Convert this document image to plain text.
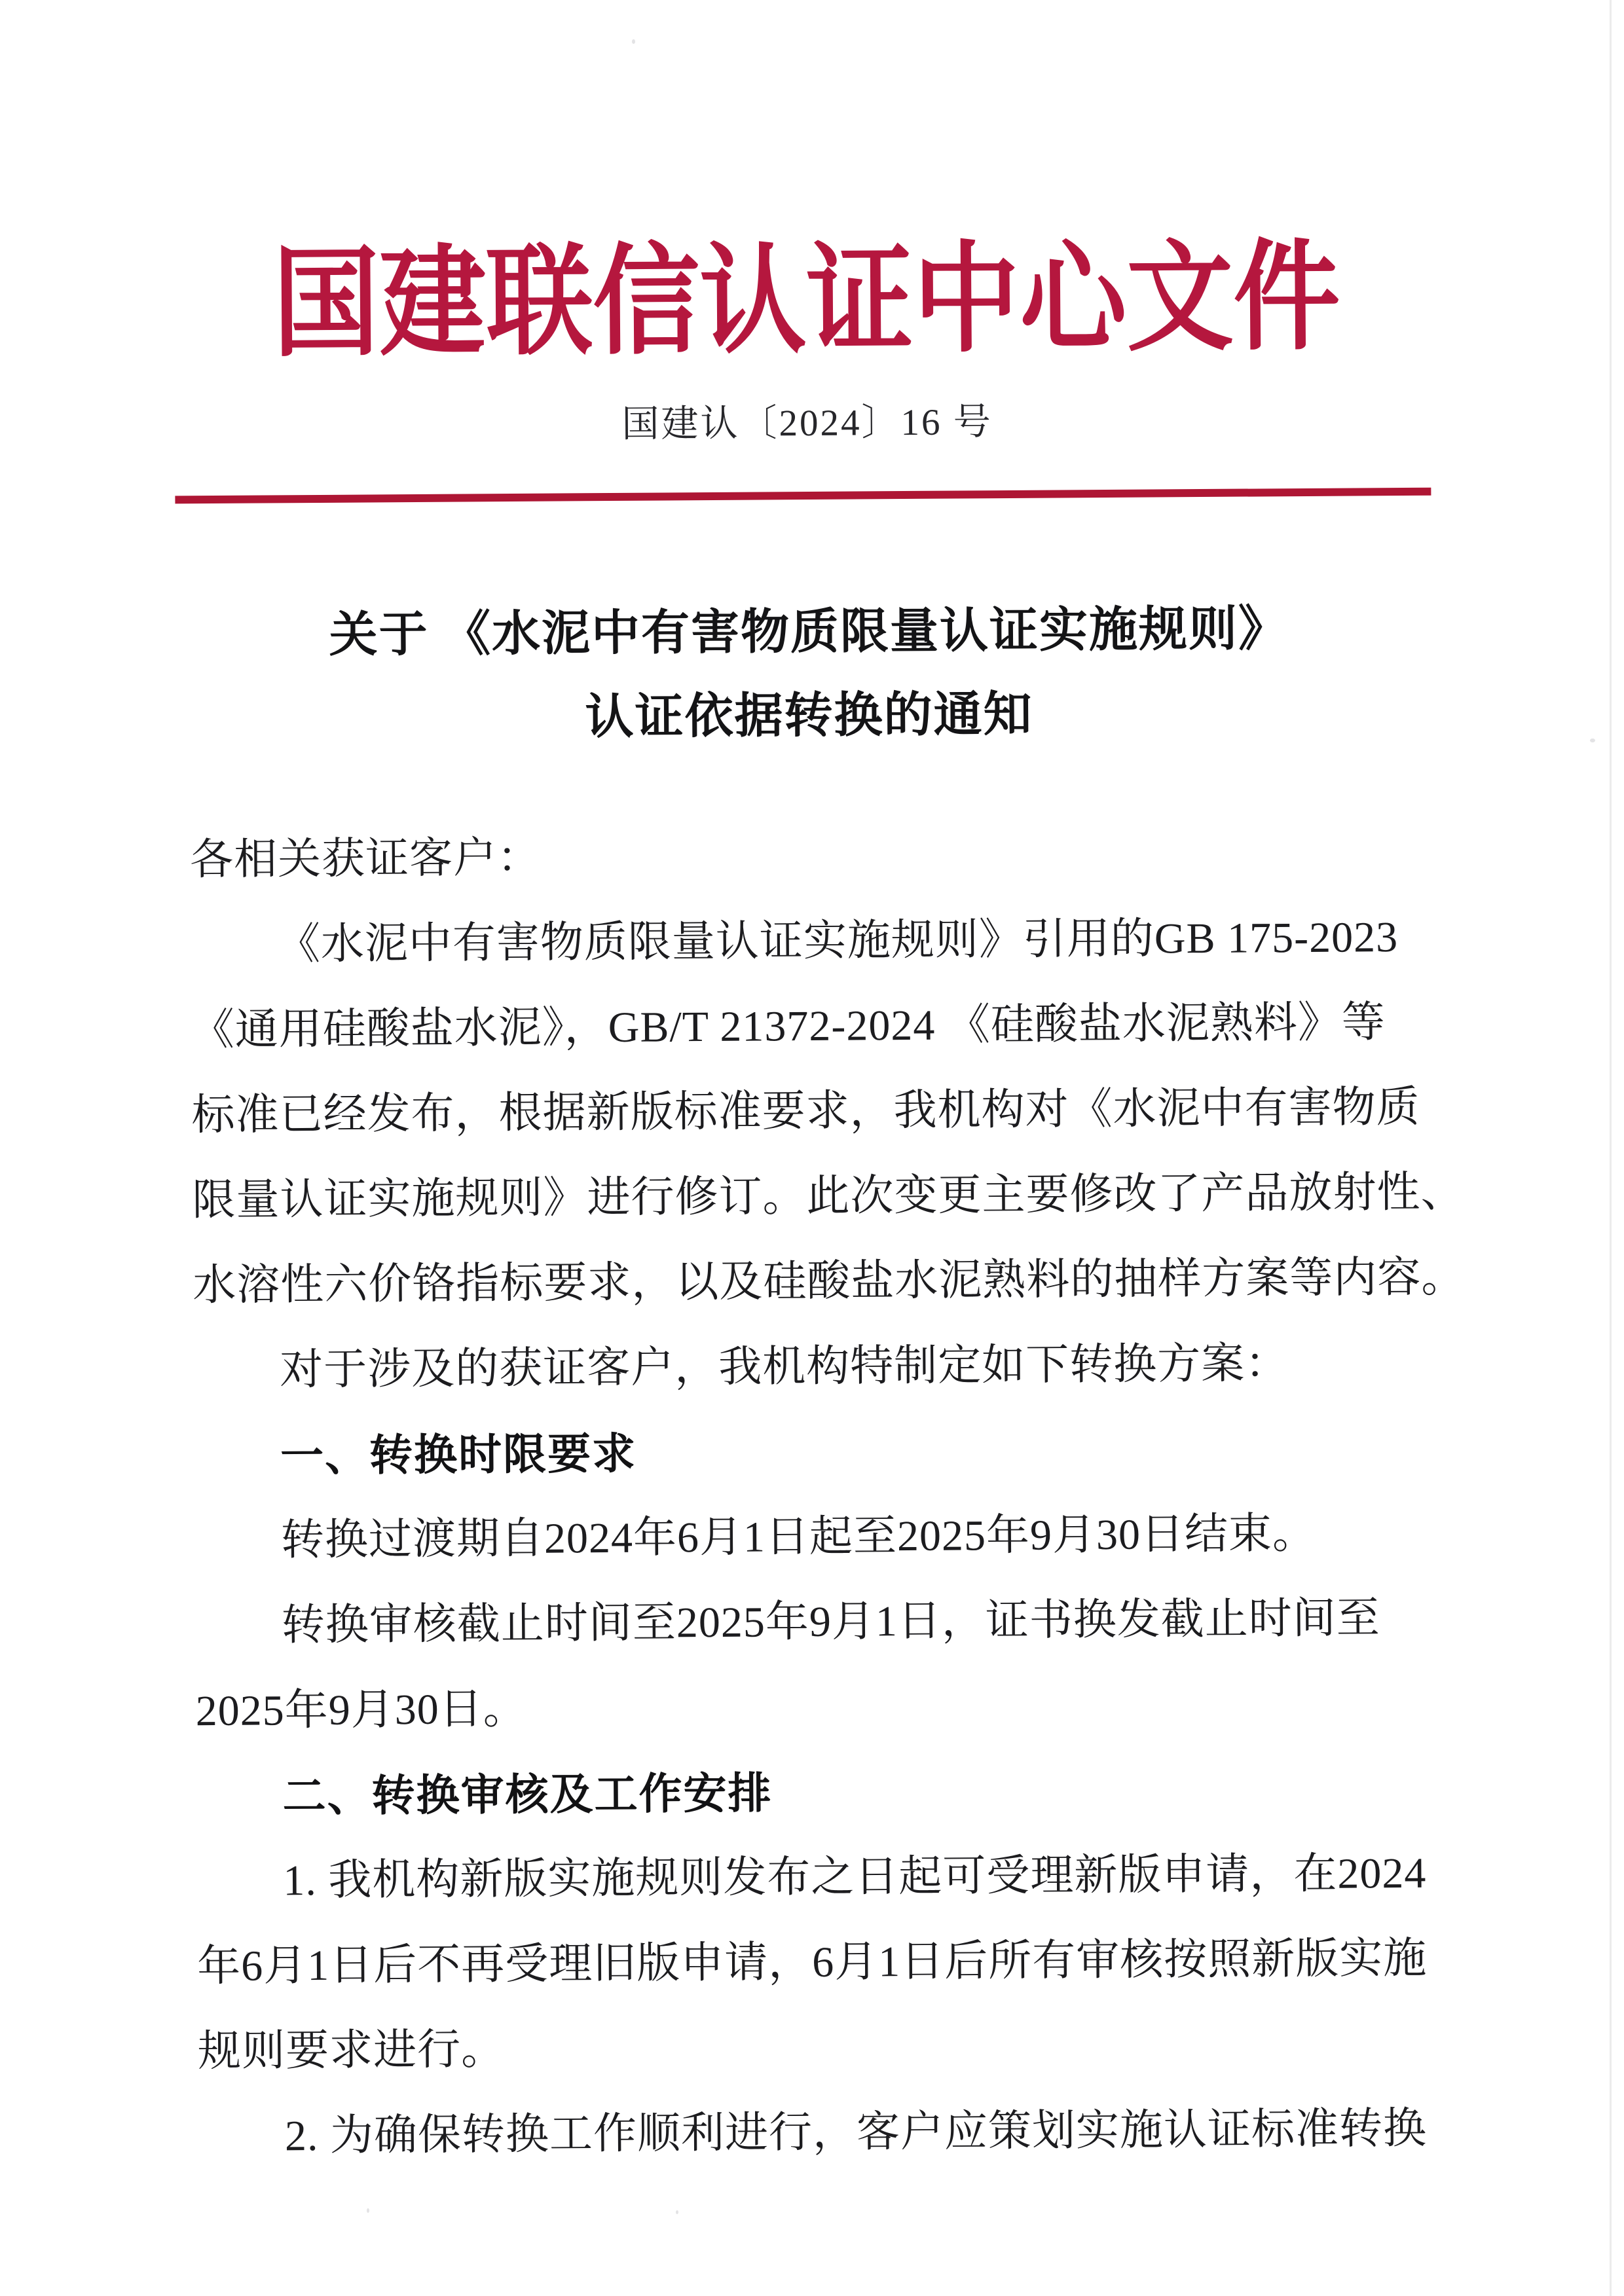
国建联信认证中心文件
国建认〔2024〕16 号
关于 《水泥中有害物质限量认证实施规则》
认证依据转换的通知
各相关获证客户：
《水泥中有害物质限量认证实施规则》引用的GB 175-2023
《通用硅酸盐水泥》，GB/T 21372-2024 《硅酸盐水泥熟料》等
标准已经发布，根据新版标准要求，我机构对《水泥中有害物质
限量认证实施规则》进行修订。此次变更主要修改了产品放射性、
水溶性六价铬指标要求，以及硅酸盐水泥熟料的抽样方案等内容。
对于涉及的获证客户，我机构特制定如下转换方案：
一、转换时限要求
转换过渡期自2024年6月1日起至2025年9月30日结束。
转换审核截止时间至2025年9月1日，证书换发截止时间至
2025年9月30日。
二、转换审核及工作安排
1. 我机构新版实施规则发布之日起可受理新版申请，在2024
年6月1日后不再受理旧版申请，6月1日后所有审核按照新版实施
规则要求进行。
2. 为确保转换工作顺利进行，客户应策划实施认证标准转换
